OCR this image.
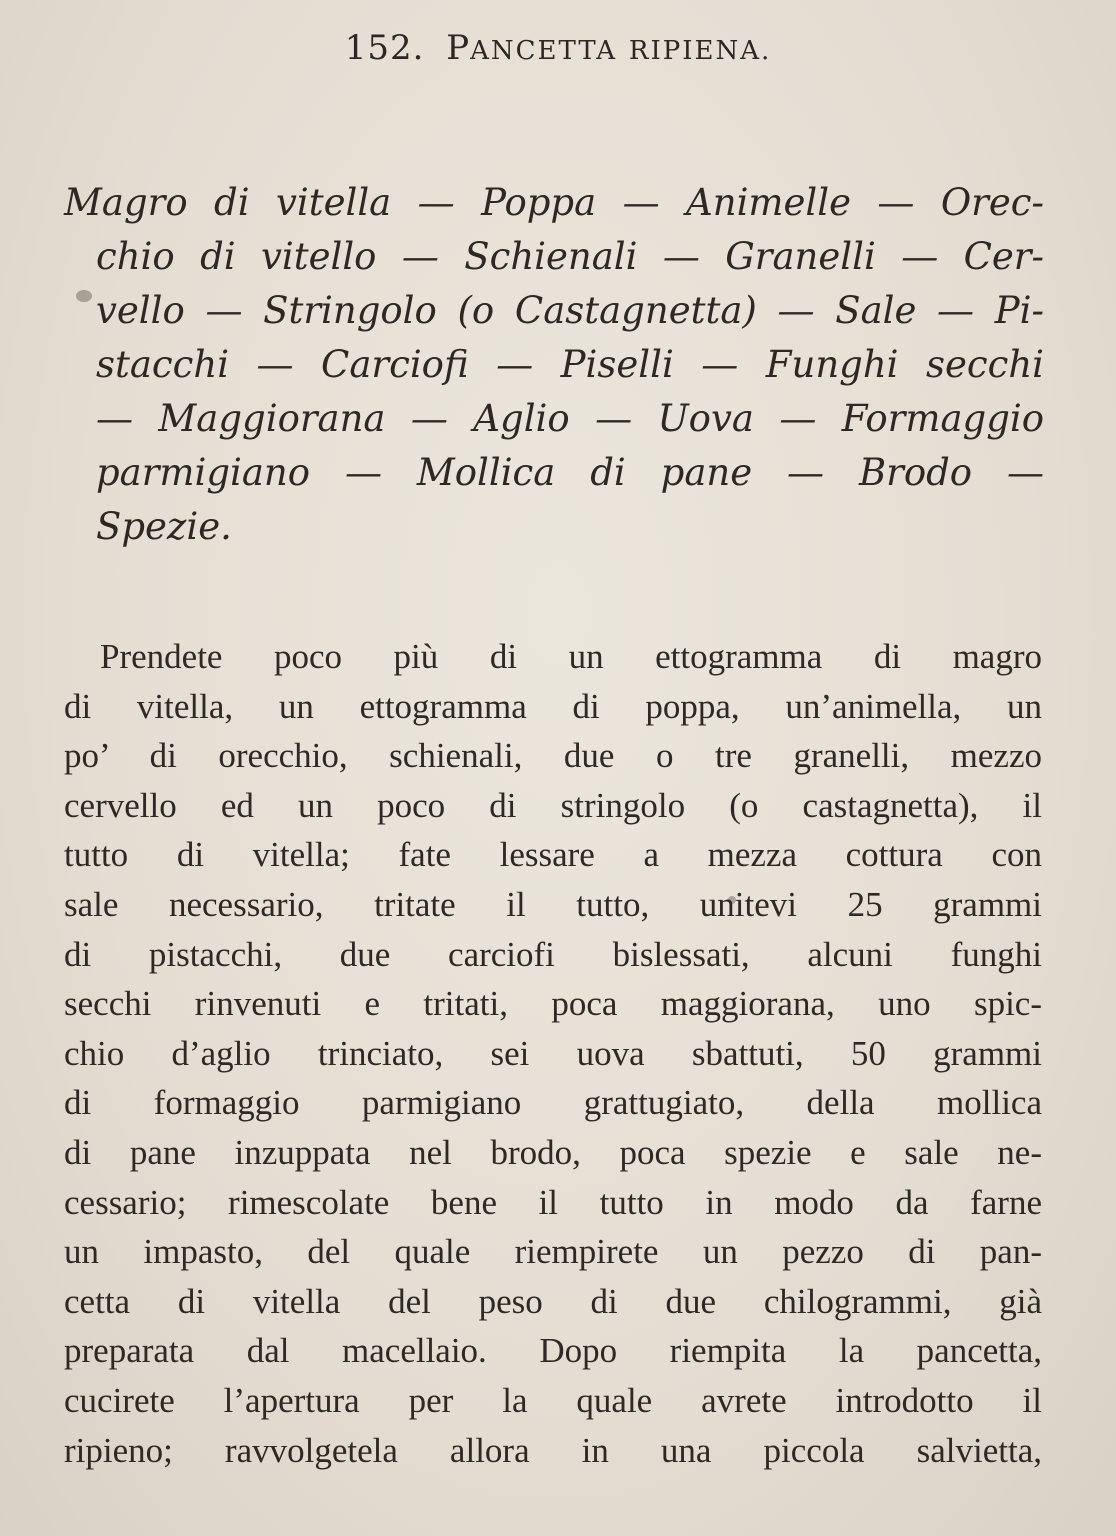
152. PANCETTA RIPIENA.
Magro di vitella — Poppa — Animelle — Orec-
chio di vitello — Schienali — Granelli — Cer-
vello — Stringolo (o Castagnetta) — Sale — Pi-
stacchi — Carciofi — Piselli — Funghi secchi
— Maggiorana — Aglio — Uova — Formaggio
parmigiano — Mollica di pane — Brodo —
Spezie.
Prendete poco più di un ettogramma di magro
di vitella, un ettogramma di poppa, un’animella, un
po’ di orecchio, schienali, due o tre granelli, mezzo
cervello ed un poco di stringolo (o castagnetta), il
tutto di vitella; fate lessare a mezza cottura con
sale necessario, tritate il tutto, unitevi 25 grammi
di pistacchi, due carciofi bislessati, alcuni funghi
secchi rinvenuti e tritati, poca maggiorana, uno spic-
chio d’aglio trinciato, sei uova sbattuti, 50 grammi
di formaggio parmigiano grattugiato, della mollica
di pane inzuppata nel brodo, poca spezie e sale ne-
cessario; rimescolate bene il tutto in modo da farne
un impasto, del quale riempirete un pezzo di pan-
cetta di vitella del peso di due chilogrammi, già
preparata dal macellaio. Dopo riempita la pancetta,
cucirete l’apertura per la quale avrete introdotto il
ripieno; ravvolgetela allora in una piccola salvietta,
